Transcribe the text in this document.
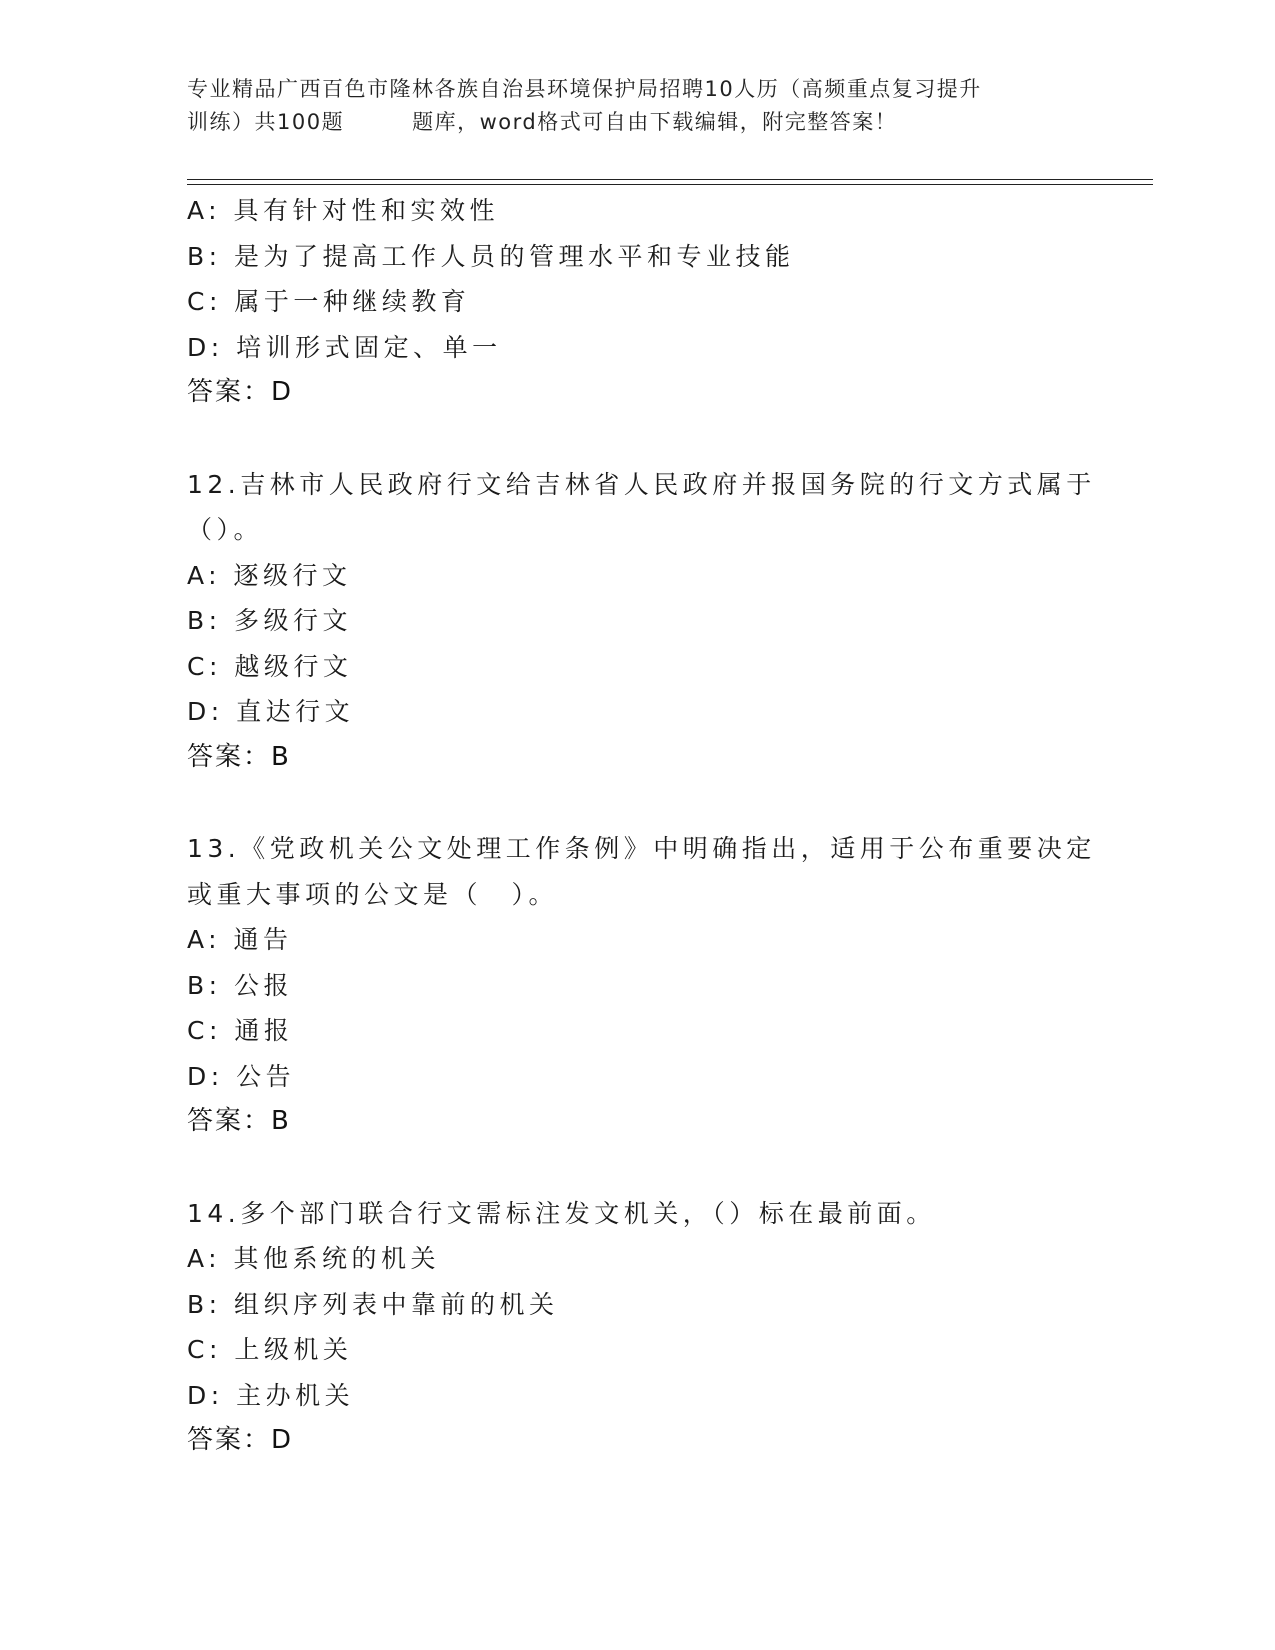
专业精品广西百色市隆林各族自治县环境保护局招聘10人历（高频重点复习提升
训练）共100题	题库，word格式可自由下载编辑，附完整答案！
A: 具有针对性和实效性
B: 是为了提高工作人员的管理水平和专业技能
C: 属于一种继续教育
D: 培训形式固定、单一
答案：D
12.吉林市人民政府行文给吉林省人民政府并报国务院的行文方式属于
（）。
A: 逐级行文
B: 多级行文
C: 越级行文
D: 直达行文
答案：B
13.《党政机关公文处理工作条例》中明确指出，适用于公布重要决定
或重大事项的公文是（　）。
A: 通告
B: 公报
C: 通报
D: 公告
答案：B
14.多个部门联合行文需标注发文机关，（）标在最前面。
A: 其他系统的机关
B: 组织序列表中靠前的机关
C: 上级机关
D: 主办机关
答案：D
